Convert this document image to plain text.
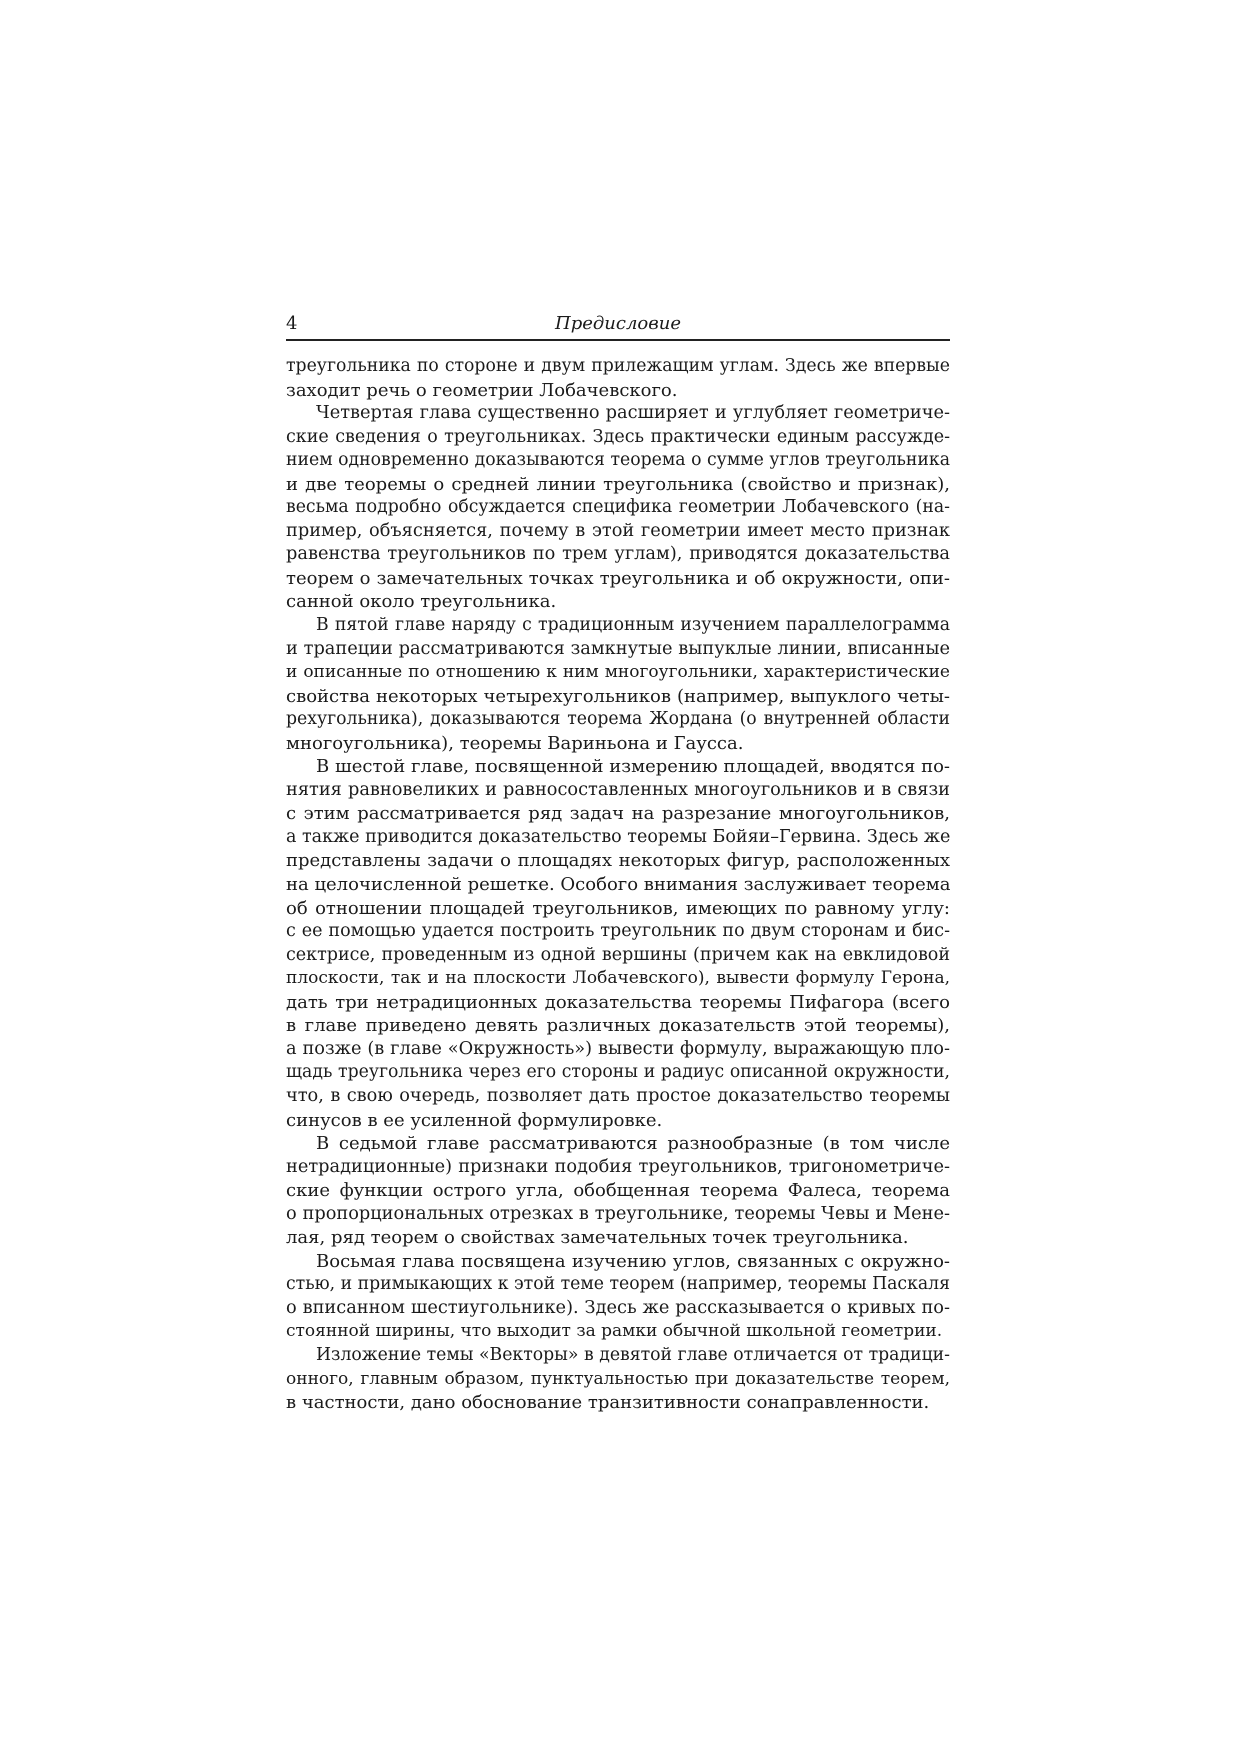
4	Предисловие
треугольника по стороне и двум прилежащим углам. Здесь же впервые
заходит речь о геометрии Лобачевского.
Четвертая глава существенно расширяет и углубляет геометриче-
ские сведения о треугольниках. Здесь практически единым рассужде-
нием одновременно доказываются теорема о сумме углов треугольника
и две теоремы о средней линии треугольника (свойство и признак),
весьма подробно обсуждается специфика геометрии Лобачевского (на-
пример, объясняется, почему в этой геометрии имеет место признак
равенства треугольников по трем углам), приводятся доказательства
теорем о замечательных точках треугольника и об окружности, опи-
санной около треугольника.
В пятой главе наряду с традиционным изучением параллелограмма
и трапеции рассматриваются замкнутые выпуклые линии, вписанные
и описанные по отношению к ним многоугольники, характеристические
свойства некоторых четырехугольников (например, выпуклого четы-
рехугольника), доказываются теорема Жордана (о внутренней области
многоугольника), теоремы Вариньона и Гаусса.
В шестой главе, посвященной измерению площадей, вводятся по-
нятия равновеликих и равносоставленных многоугольников и в связи
с этим рассматривается ряд задач на разрезание многоугольников,
а также приводится доказательство теоремы Бойяи–Гервина. Здесь же
представлены задачи о площадях некоторых фигур, расположенных
на целочисленной решетке. Особого внимания заслуживает теорема
об отношении площадей треугольников, имеющих по равному углу:
с ее помощью удается построить треугольник по двум сторонам и бис-
сектрисе, проведенным из одной вершины (причем как на евклидовой
плоскости, так и на плоскости Лобачевского), вывести формулу Герона,
дать три нетрадиционных доказательства теоремы Пифагора (всего
в главе приведено девять различных доказательств этой теоремы),
а позже (в главе «Окружность») вывести формулу, выражающую пло-
щадь треугольника через его стороны и радиус описанной окружности,
что, в свою очередь, позволяет дать простое доказательство теоремы
синусов в ее усиленной формулировке.
В седьмой главе рассматриваются разнообразные (в том числе
нетрадиционные) признаки подобия треугольников, тригонометриче-
ские функции острого угла, обобщенная теорема Фалеса, теорема
о пропорциональных отрезках в треугольнике, теоремы Чевы и Мене-
лая, ряд теорем о свойствах замечательных точек треугольника.
Восьмая глава посвящена изучению углов, связанных с окружно-
стью, и примыкающих к этой теме теорем (например, теоремы Паскаля
о вписанном шестиугольнике). Здесь же рассказывается о кривых по-
стоянной ширины, что выходит за рамки обычной школьной геометрии.
Изложение темы «Векторы» в девятой главе отличается от традици-
онного, главным образом, пунктуальностью при доказательстве теорем,
в частности, дано обоснование транзитивности сонаправленности.
